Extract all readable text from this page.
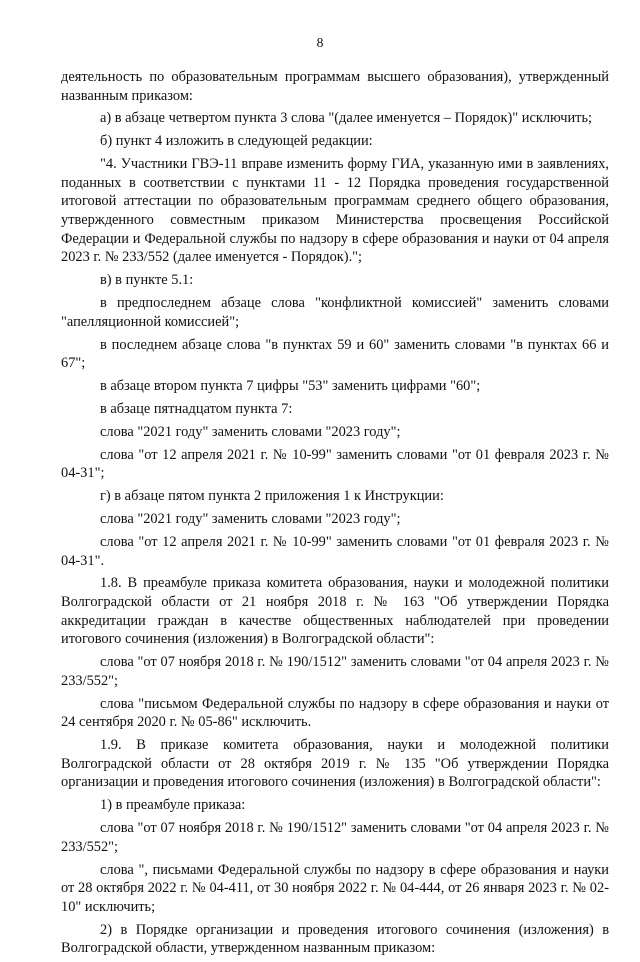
8

деятельность по образовательным программам высшего образования), утвержденный названным приказом:

а) в абзаце четвертом пункта 3 слова "(далее именуется – Порядок)" исключить;

б) пункт 4 изложить в следующей редакции:

"4. Участники ГВЭ-11 вправе изменить форму ГИА, указанную ими в заявлениях, поданных в соответствии с пунктами 11 - 12 Порядка проведения государственной итоговой аттестации по образовательным программам среднего общего образования, утвержденного совместным приказом Министерства просвещения Российской Федерации и Федеральной службы по надзору в сфере образования и науки от 04 апреля 2023 г. № 233/552 (далее именуется - Порядок).";

в) в пункте 5.1:

в предпоследнем абзаце слова "конфликтной комиссией" заменить словами "апелляционной комиссией";

в последнем абзаце слова "в пунктах 59 и 60" заменить словами "в пунктах 66 и 67";

в абзаце втором пункта 7 цифры "53" заменить цифрами "60";

в абзаце пятнадцатом пункта 7:

слова "2021 году" заменить словами "2023 году";

слова "от 12 апреля 2021 г. № 10-99" заменить словами "от 01 февраля 2023 г. № 04-31";

г) в абзаце пятом пункта 2 приложения 1 к Инструкции:

слова "2021 году" заменить словами "2023 году";

слова "от 12 апреля 2021 г. № 10-99" заменить словами "от 01 февраля 2023 г. № 04-31".

1.8. В преамбуле приказа комитета образования, науки и молодежной политики Волгоградской области от 21 ноября 2018 г. № 163 "Об утверждении Порядка аккредитации граждан в качестве общественных наблюдателей при проведении итогового сочинения (изложения) в Волгоградской области":

слова "от 07 ноября 2018 г. № 190/1512" заменить словами "от 04 апреля 2023 г. № 233/552";

слова "письмом Федеральной службы по надзору в сфере образования и науки от 24 сентября 2020 г. № 05-86" исключить.

1.9. В приказе комитета образования, науки и молодежной политики Волгоградской области от 28 октября 2019 г. № 135 "Об утверждении Порядка организации и проведения итогового сочинения (изложения) в Волгоградской области":

1) в преамбуле приказа:

слова "от 07 ноября 2018 г. № 190/1512" заменить словами "от 04 апреля 2023 г. № 233/552";

слова ", письмами Федеральной службы по надзору в сфере образования и науки от 28 октября 2022 г. № 04-411, от 30 ноября 2022 г. № 04-444, от 26 января 2023 г. № 02-10" исключить;

2) в Порядке организации и проведения итогового сочинения (изложения) в Волгоградской области, утвержденном названным приказом:
